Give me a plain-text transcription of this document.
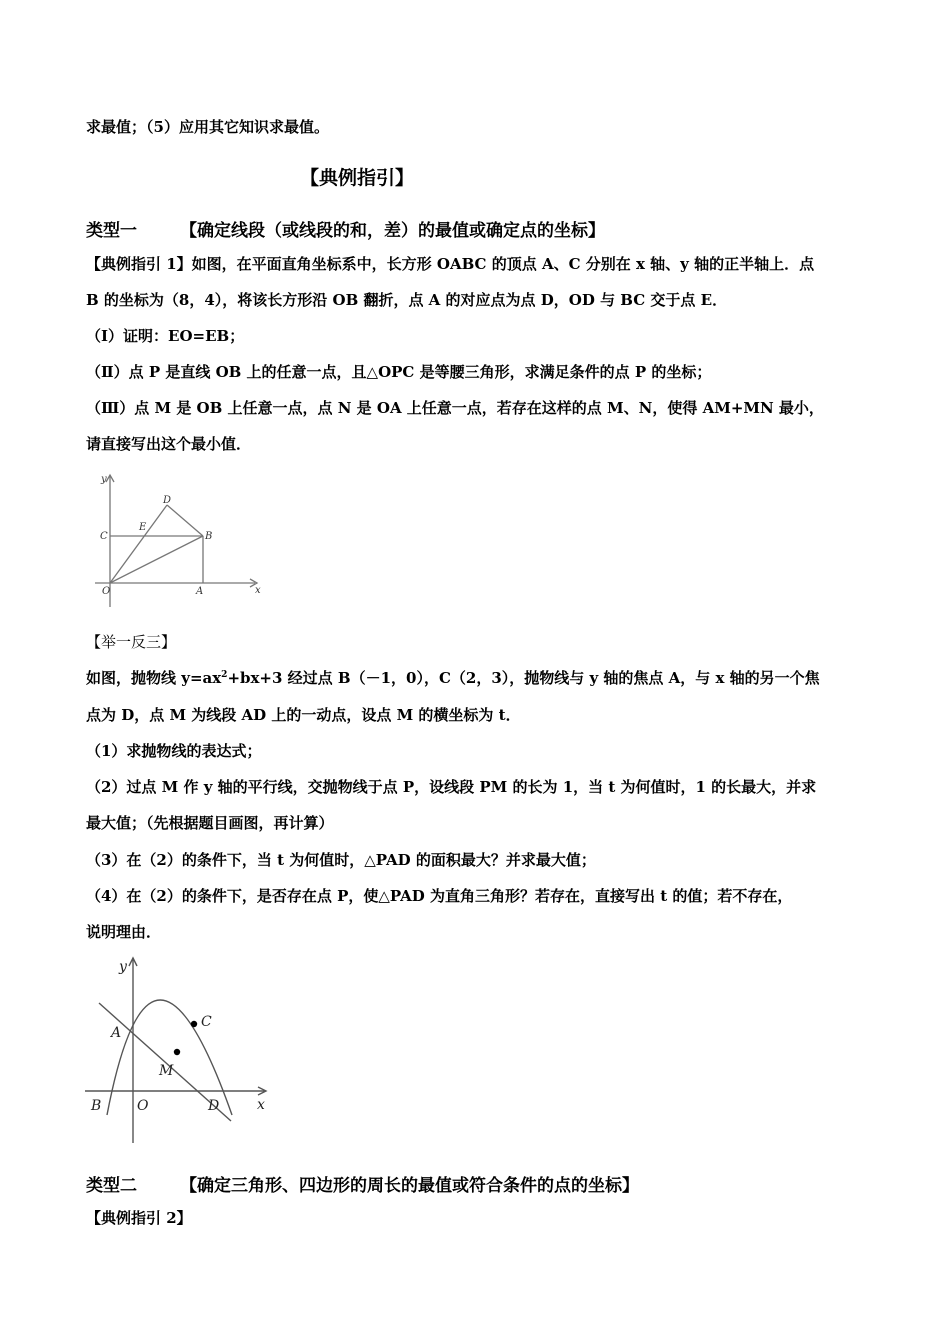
求最值；（5）应用其它知识求最值。
【典例指引】
类型一	【确定线段（或线段的和，差）的最值或确定点的坐标】
【典例指引 1】如图，在平面直角坐标系中，长方形 OABC 的顶点 A、C 分别在 x 轴、y 轴的正半轴上．点
B 的坐标为（8，4），将该长方形沿 OB 翻折，点 A 的对应点为点 D，OD 与 BC 交于点 E．
（I）证明：EO=EB；
（Ⅱ）点 P 是直线 OB 上的任意一点，且△OPC 是等腰三角形，求满足条件的点 P 的坐标；
（Ⅲ）点 M 是 OB 上任意一点，点 N 是 OA 上任意一点，若存在这样的点 M、N，使得 AM+MN 最小，
请直接写出这个最小值．
y
x
O	A
B
C
D
E
【举一反三】
如图，抛物线 $y=ax^2+bx+3$ 经过点 B（－1，0），C（2，3），抛物线与 y 轴的焦点 A，与 x 轴的另一个焦
点为 D，点 M 为线段 AD 上的一动点，设点 M 的横坐标为 t．
（1）求抛物线的表达式；
（2）过点 M 作 y 轴的平行线，交抛物线于点 P，设线段 PM 的长为 1，当 t 为何值时，1 的长最大，并求
最大值；（先根据题目画图，再计算）
（3）在（2）的条件下，当 t 为何值时，△PAD 的面积最大？并求最大值；
（4）在（2）的条件下，是否存在点 P，使△PAD 为直角三角形？若存在，直接写出 t 的值；若不存在，
说明理由．
y
x
O
A
B
C
D
M
类型二	【确定三角形、四边形的周长的最值或符合条件的点的坐标】
【典例指引 2】
